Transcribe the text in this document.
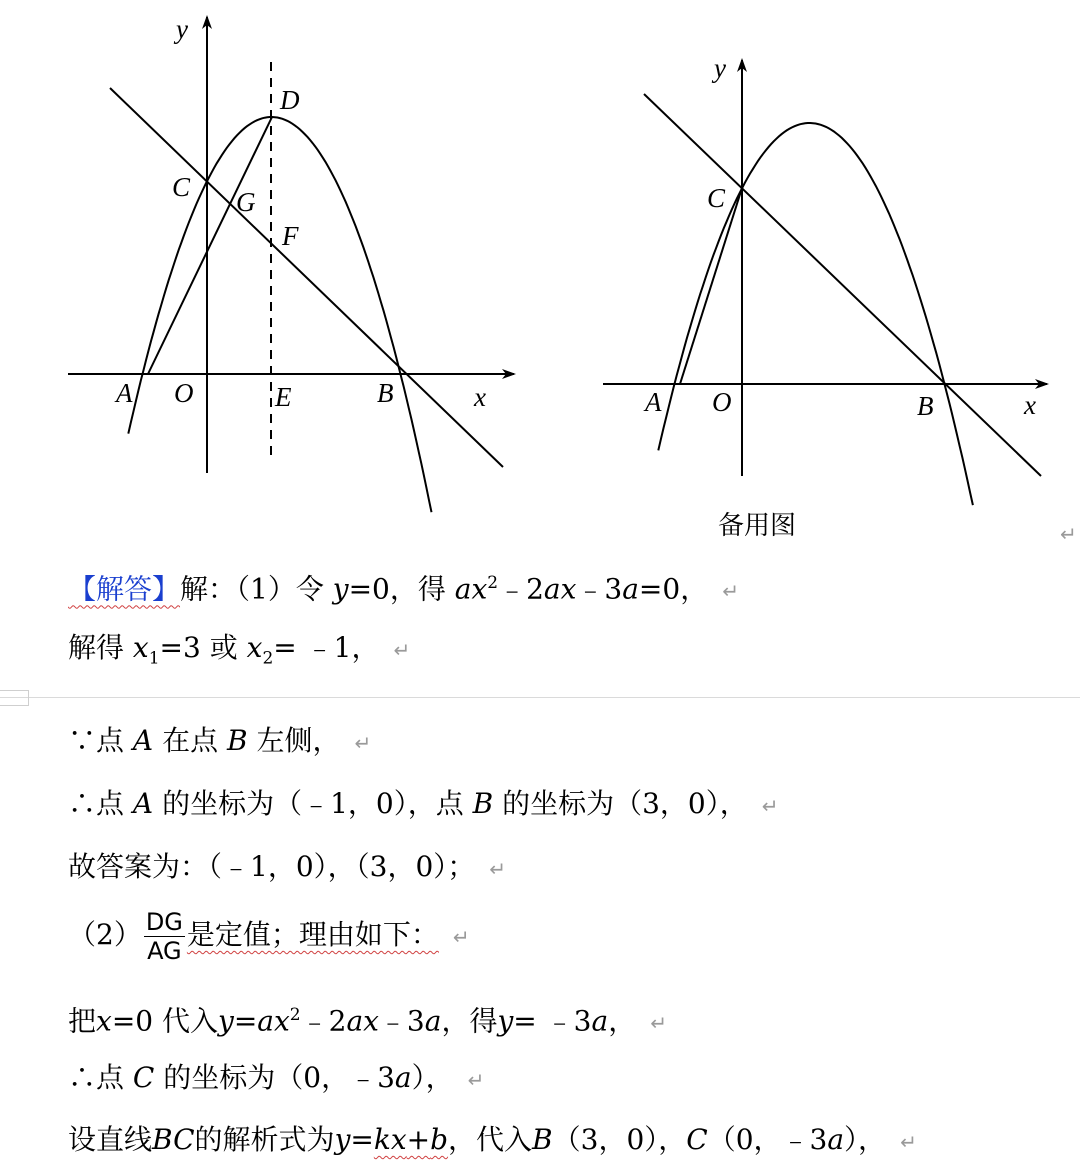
y
x
A O	E	B
C
D
G
F
y
x
A O	B
C
备用图	↵
【解答】解：（1）令 y=0，得 $ax^2﹣2ax﹣3a=0$， ↵
解得 $x_1=3$ 或 $x_2=$ ﹣1， ↵
∵点 A 在点 B 左侧， ↵
∴点 A 的坐标为（﹣1，0），点 B 的坐标为（3，0）， ↵
故答案为：（﹣1，0），（3，0）； ↵
$(2) \frac{DG}{AG}$ 是定值；理由如下： ↵
把x=0 代入$y=ax^2﹣2ax﹣3a$，得y= ﹣3a， ↵
∴点 C 的坐标为（0，﹣3a）， ↵
设直线BC的解析式为y=kx+b，代入B（3，0），C（0，﹣3a）， ↵
